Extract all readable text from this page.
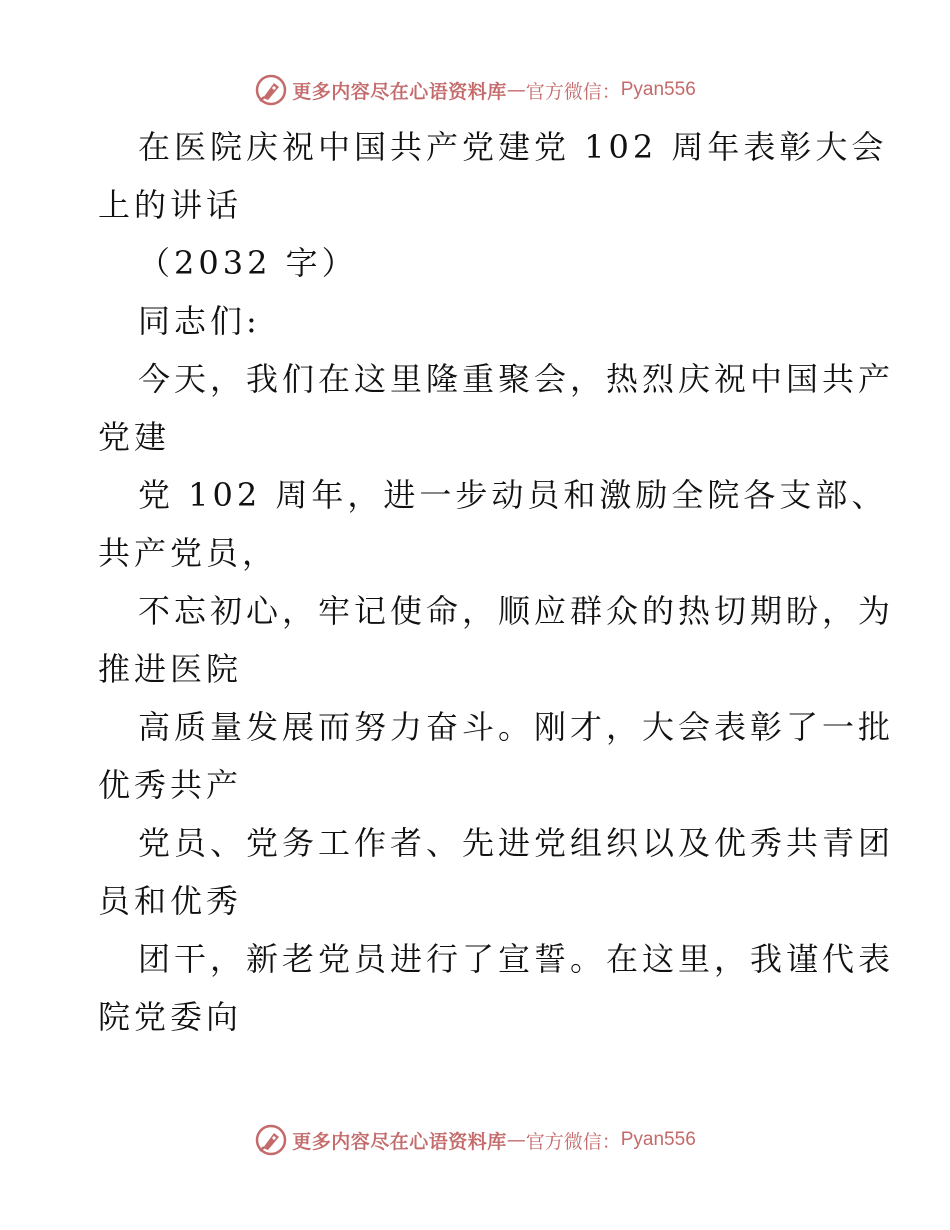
更多内容尽在心语资料库 — 官方微信： Pyan556
在医院庆祝中国共产党建党 102 周年表彰大会
上的讲话
（2032 字）
同志们:
今天，我们在这里隆重聚会，热烈庆祝中国共产
党建
党 102 周年，进一步动员和激励全院各支部、
共产党员，
不忘初心，牢记使命，顺应群众的热切期盼，为
推进医院
高质量发展而努力奋斗。刚才，大会表彰了一批
优秀共产
党员、党务工作者、先进党组织以及优秀共青团
员和优秀
团干，新老党员进行了宣誓。在这里，我谨代表
院党委向
更多内容尽在心语资料库 — 官方微信： Pyan556
